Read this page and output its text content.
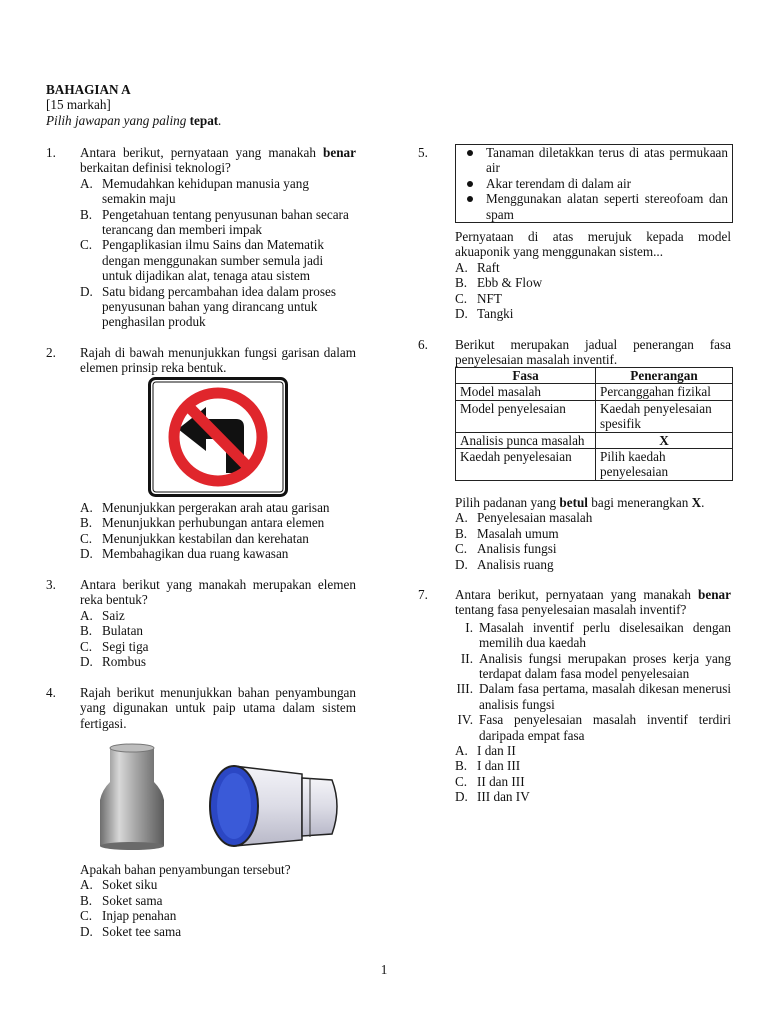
BAHAGIAN A
[15 markah]
Pilih jawapan yang paling tepat.
1.	Antara berikut, pernyataan yang manakah benar berkaitan definisi teknologi?
A. Memudahkan kehidupan manusia yang semakin maju
B. Pengetahuan tentang penyusunan bahan secara terancang dan memberi impak
C. Pengaplikasian ilmu Sains dan Matematik dengan menggunakan sumber semula jadi untuk dijadikan alat, tenaga atau sistem
D. Satu bidang percambahan idea dalam proses penyusunan bahan yang dirancang untuk penghasilan produk
2.	Rajah di bawah menunjukkan fungsi garisan dalam elemen prinsip reka bentuk.
A. Menunjukkan pergerakan arah atau garisan
B. Menunjukkan perhubungan antara elemen
C. Menunjukkan kestabilan dan kerehatan
D. Membahagikan dua ruang kawasan
3.	Antara berikut yang manakah merupakan elemen reka bentuk?
A. Saiz
B. Bulatan
C. Segi tiga
D. Rombus
4.	Rajah berikut menunjukkan bahan penyambungan yang digunakan untuk paip utama dalam sistem fertigasi.
Apakah bahan penyambungan tersebut?
A. Soket siku
B. Soket sama
C. Injap penahan
D. Soket tee sama
5.	Tanaman diletakkan terus di atas permukaan air
Akar terendam di dalam air
Menggunakan alatan seperti stereofoam dan spam
Pernyataan di atas merujuk kepada model akuaponik yang menggunakan sistem...
A. Raft
B. Ebb & Flow
C. NFT
D. Tangki
6.	Berikut merupakan jadual penerangan fasa penyelesaian masalah inventif.
Fasa	Penerangan
Model masalah	Percanggahan fizikal
Model penyelesaian	Kaedah penyelesaian spesifik
Analisis punca masalah	X
Kaedah penyelesaian	Pilih kaedah penyelesaian
Pilih padanan yang betul bagi menerangkan X.
A. Penyelesaian masalah
B. Masalah umum
C. Analisis fungsi
D. Analisis ruang
7.	Antara berikut, pernyataan yang manakah benar tentang fasa penyelesaian masalah inventif?
I. Masalah inventif perlu diselesaikan dengan memilih dua kaedah
II. Analisis fungsi merupakan proses kerja yang terdapat dalam fasa model penyelesaian
III. Dalam fasa pertama, masalah dikesan menerusi analisis fungsi
IV. Fasa penyelesaian masalah inventif terdiri daripada empat fasa
A. I dan II
B. I dan III
C. II dan III
D. III dan IV
1
